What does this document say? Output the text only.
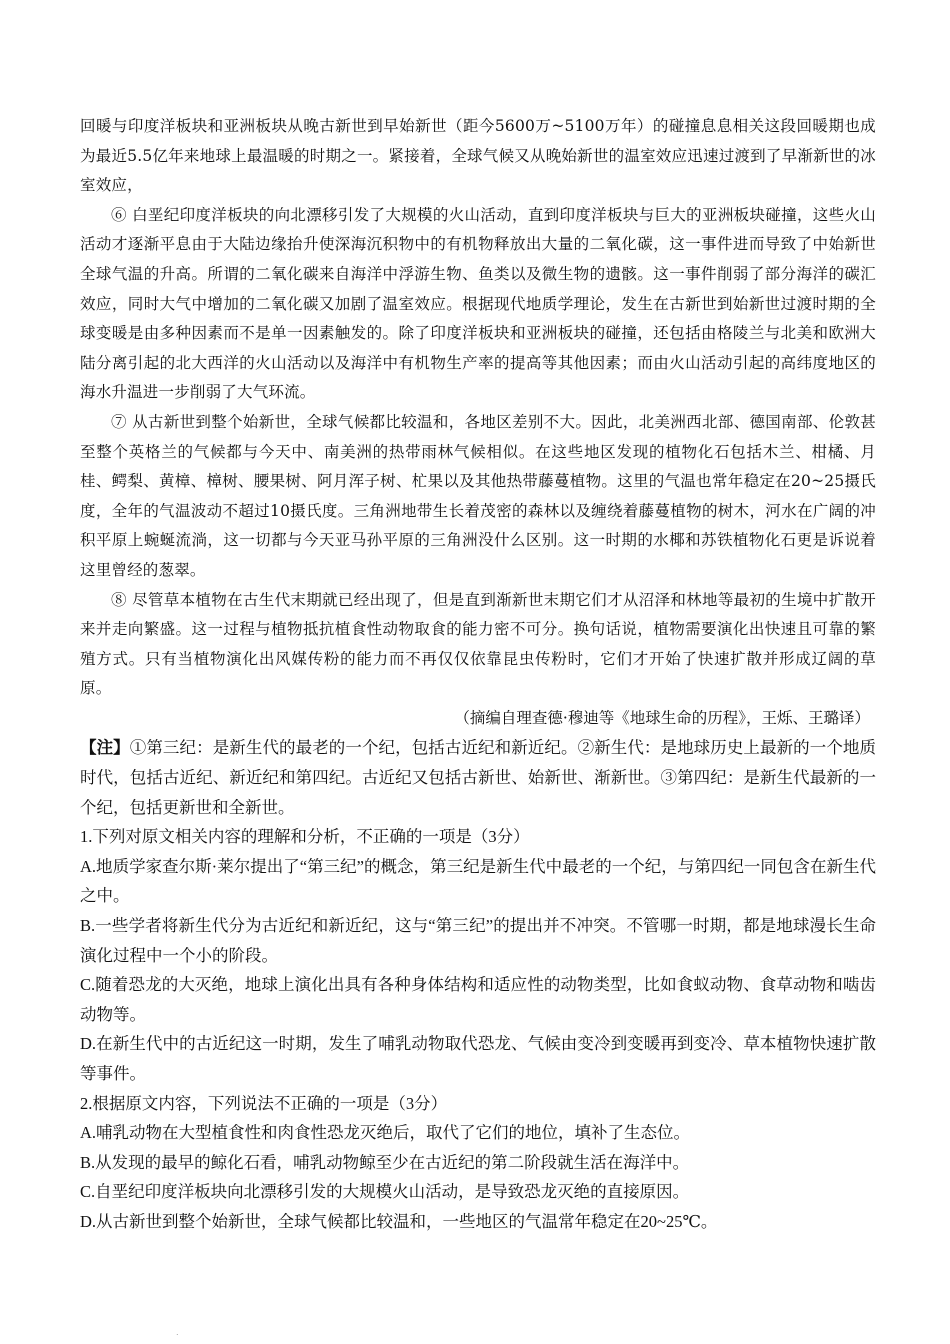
回暖与印度洋板块和亚洲板块从晚古新世到早始新世（距今5600万~5100万年）的碰撞息息相关这段回暖期也成为最近5.5亿年来地球上最温暖的时期之一。紧接着，全球气候又从晚始新世的温室效应迅速过渡到了早渐新世的冰室效应，

⑥ 白垩纪印度洋板块的向北漂移引发了大规模的火山活动，直到印度洋板块与巨大的亚洲板块碰撞，这些火山活动才逐渐平息由于大陆边缘抬升使深海沉积物中的有机物释放出大量的二氧化碳，这一事件进而导致了中始新世全球气温的升高。所谓的二氧化碳来自海洋中浮游生物、鱼类以及微生物的遗骸。这一事件削弱了部分海洋的碳汇效应，同时大气中增加的二氧化碳又加剧了温室效应。根据现代地质学理论，发生在古新世到始新世过渡时期的全球变暖是由多种因素而不是单一因素触发的。除了印度洋板块和亚洲板块的碰撞，还包括由格陵兰与北美和欧洲大陆分离引起的北大西洋的火山活动以及海洋中有机物生产率的提高等其他因素；而由火山活动引起的高纬度地区的海水升温进一步削弱了大气环流。

⑦ 从古新世到整个始新世，全球气候都比较温和，各地区差别不大。因此，北美洲西北部、德国南部、伦敦甚至整个英格兰的气候都与今天中、南美洲的热带雨林气候相似。在这些地区发现的植物化石包括木兰、柑橘、月桂、鳄梨、黄樟、樟树、腰果树、阿月浑子树、杧果以及其他热带藤蔓植物。这里的气温也常年稳定在20~25摄氏度，全年的气温波动不超过10摄氏度。三角洲地带生长着茂密的森林以及缠绕着藤蔓植物的树木，河水在广阔的冲积平原上蜿蜒流淌，这一切都与今天亚马孙平原的三角洲没什么区别。这一时期的水椰和苏铁植物化石更是诉说着这里曾经的葱翠。

⑧ 尽管草本植物在古生代末期就已经出现了，但是直到渐新世末期它们才从沼泽和林地等最初的生境中扩散开来并走向繁盛。这一过程与植物抵抗植食性动物取食的能力密不可分。换句话说，植物需要演化出快速且可靠的繁殖方式。只有当植物演化出风媒传粉的能力而不再仅仅依靠昆虫传粉时，它们才开始了快速扩散并形成辽阔的草原。

（摘编自理查德·穆迪等《地球生命的历程》，王烁、王璐译）

【注】①第三纪：是新生代的最老的一个纪，包括古近纪和新近纪。②新生代：是地球历史上最新的一个地质时代，包括古近纪、新近纪和第四纪。古近纪又包括古新世、始新世、渐新世。③第四纪：是新生代最新的一个纪，包括更新世和全新世。

1.下列对原文相关内容的理解和分析，不正确的一项是（3分）

A.地质学家查尔斯·莱尔提出了“第三纪”的概念，第三纪是新生代中最老的一个纪，与第四纪一同包含在新生代之中。

B.一些学者将新生代分为古近纪和新近纪，这与“第三纪”的提出并不冲突。不管哪一时期，都是地球漫长生命演化过程中一个小的阶段。

C.随着恐龙的大灭绝，地球上演化出具有各种身体结构和适应性的动物类型，比如食蚁动物、食草动物和啮齿动物等。

D.在新生代中的古近纪这一时期，发生了哺乳动物取代恐龙、气候由变冷到变暖再到变冷、草本植物快速扩散等事件。

2.根据原文内容，下列说法不正确的一项是（3分）

A.哺乳动物在大型植食性和肉食性恐龙灭绝后，取代了它们的地位，填补了生态位。

B.从发现的最早的鲸化石看，哺乳动物鲸至少在古近纪的第二阶段就生活在海洋中。

C.自垩纪印度洋板块向北漂移引发的大规模火山活动，是导致恐龙灭绝的直接原因。

D.从古新世到整个始新世，全球气候都比较温和，一些地区的气温常年稳定在20~25℃。

.
